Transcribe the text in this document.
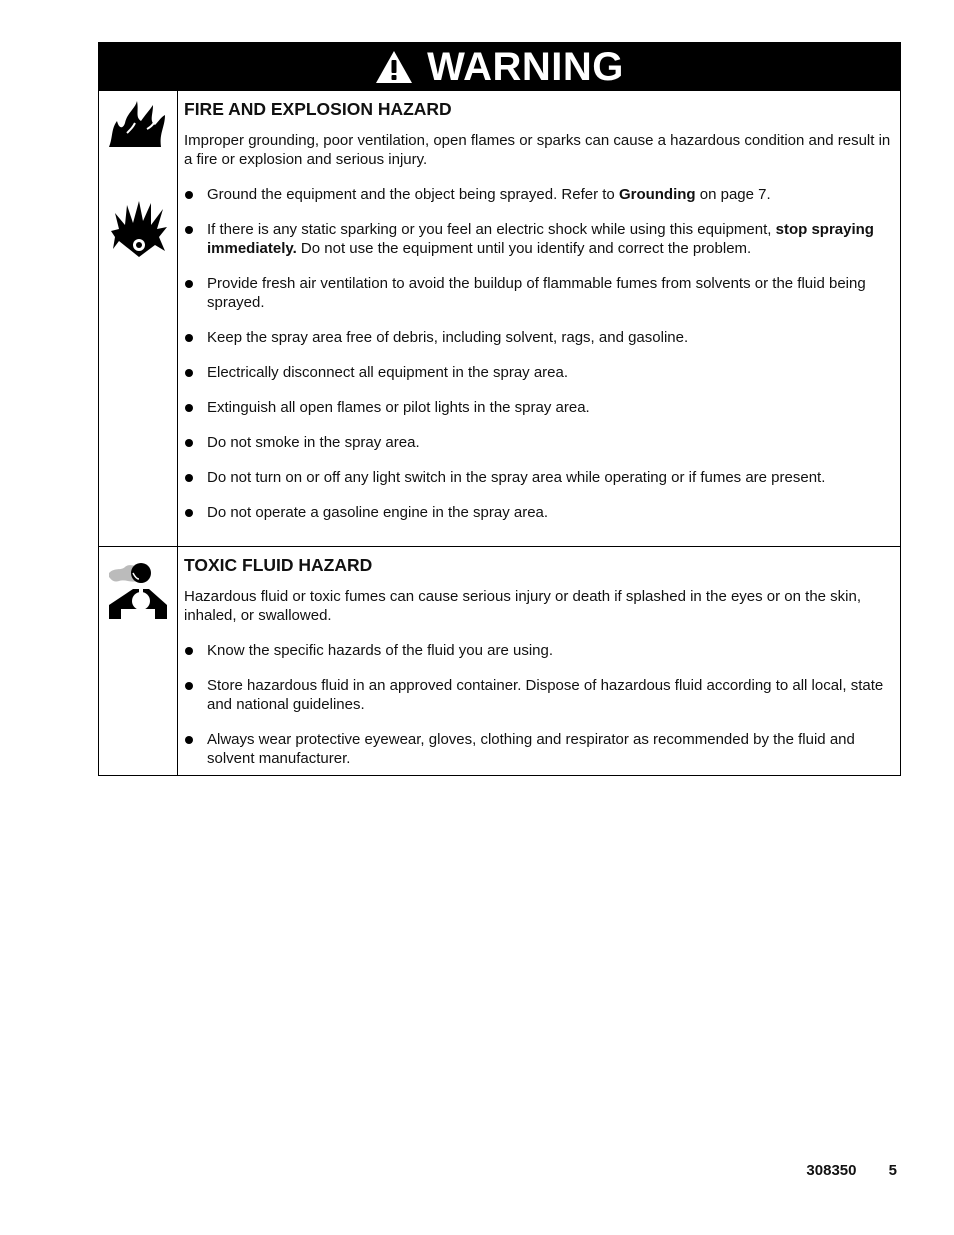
WARNING

FIRE AND EXPLOSION HAZARD

Improper grounding, poor ventilation, open flames or sparks can cause a hazardous condition and result in a fire or explosion and serious injury.

Ground the equipment and the object being sprayed. Refer to Grounding on page 7.
If there is any static sparking or you feel an electric shock while using this equipment, stop spraying immediately. Do not use the equipment until you identify and correct the problem.
Provide fresh air ventilation to avoid the buildup of flammable fumes from solvents or the fluid being sprayed.
Keep the spray area free of debris, including solvent, rags, and gasoline.
Electrically disconnect all equipment in the spray area.
Extinguish all open flames or pilot lights in the spray area.
Do not smoke in the spray area.
Do not turn on or off any light switch in the spray area while operating or if fumes are present.
Do not operate a gasoline engine in the spray area.

TOXIC FLUID HAZARD

Hazardous fluid or toxic fumes can cause serious injury or death if splashed in the eyes or on the skin, inhaled, or swallowed.

Know the specific hazards of the fluid you are using.
Store hazardous fluid in an approved container. Dispose of hazardous fluid according to all local, state and national guidelines.
Always wear protective eyewear, gloves, clothing and respirator as recommended by the fluid and solvent manufacturer.
308350 5
